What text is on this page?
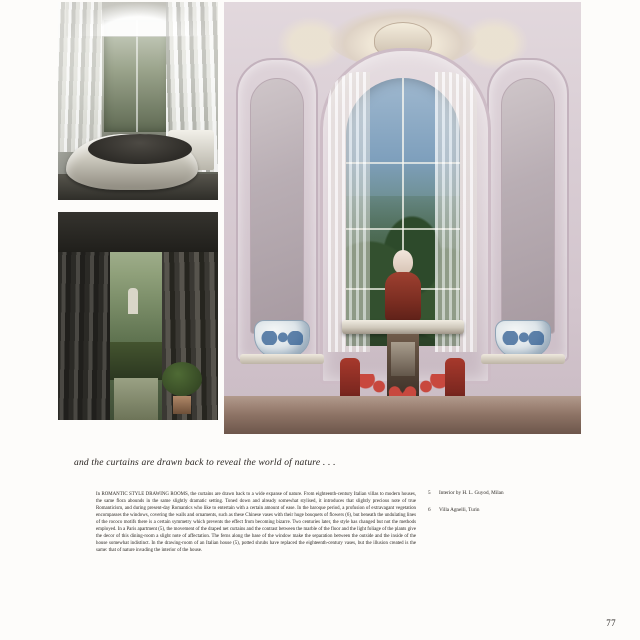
and the curtains are drawn back to reveal the world of nature . . .

In ROMANTIC STYLE DRAWING ROOMS, the curtains are drawn back to a wide expanse of nature. From eighteenth-century Italian villas to modern houses, the same flora abounds in the same slightly dramatic setting. Toned down and already somewhat stylised, it introduces that slightly precious note of true Romanticism, and during present-day Romantics who like to entertain with a certain amount of ease. In the baroque period, a profusion of extravagant vegetation encompasses the windows, covering the walls and ornaments, such as these Chinese vases with their huge bouquets of flowers (6), but beneath the undulating lines of the rococo motifs there is a certain symmetry which prevents the effect from becoming bizarre. Two centuries later, the style has changed but not the methods employed. In a Paris apartment (5), the movement of the draped net curtains and the contrast between the marble of the floor and the light foliage of the plants give the decor of this dining-room a slight note of affectation. The ferns along the base of the window make the separation between the outside and the inside of the house somewhat indistinct. In the drawing-room of an Italian house (5), potted shrubs have replaced the eighteenth-century vases, but the illusion created is the same: that of nature invading the interior of the house.

5	Interior by H. L. Guyod, Milan
6	Villa Agnelli, Turin
77
